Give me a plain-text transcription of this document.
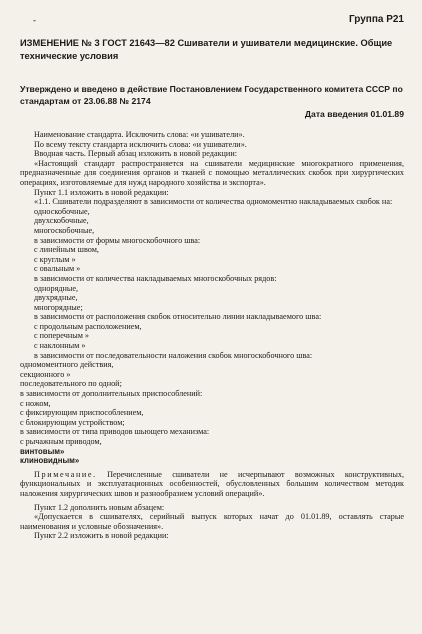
-	Группа Р21
ИЗМЕНЕНИЕ № 3 ГОСТ 21643—82 Сшиватели и ушиватели медицинские. Общие технические условия
Утверждено и введено в действие Постановлением Государственного комитета СССР по стандартам от 23.06.88 № 2174
Дата введения 01.01.89

Наименование стандарта. Исключить слова: «и ушиватели».

По всему тексту стандарта исключить слова: «и ушиватели».

Вводная часть. Первый абзац изложить в новой редакции:

«Настоящий стандарт распространяется на сшиватели медицинские многократного применения, предназначенные для соединения органов и тканей с помощью металлических скобок при хирургических операциях, изготовляемые для нужд народного хозяйства и экспорта».

Пункт 1.1 изложить в новой редакции:

«1.1. Сшиватели подразделяют в зависимости от количества одномоментно накладываемых скобок на:

односкобочные,

двухскобочные,

многоскобочные,

в зависимости от формы многоскобочного шва:

с линейным швом,

с круглым »

с овальным »

в зависимости от количества накладываемых многоскобочных рядов:

однорядные,

двухрядные,

многорядные;

в зависимости от расположения скобок относительно линии накладываемого шва:

с продольным расположением,

с поперечным »

с наклонным »

в зависимости от последовательности наложения скобок многоскобочного шва:

одномоментного действия,

секционного »

последовательного по одной;

в зависимости от дополнительных приспособлений:

с ножом,

с фиксирующим приспособлением,

с блокирующим устройством;

в зависимости от типа приводов шьющего механизма:

с рычажным приводом,

винтовым»

клиновидным»

Примечание. Перечисленные сшиватели не исчерпывают возможных конструктивных, функциональных и эксплуатационных особенностей, обусловленных большим количеством методик наложения хирургических швов и разнообразием условий операций».

Пункт 1.2 дополнить новым абзацем:

«Допускается в сшивателях, серийный выпуск которых начат до 01.01.89, оставлять старые наименования и условные обозначения».

Пункт 2.2 изложить в новой редакции:
